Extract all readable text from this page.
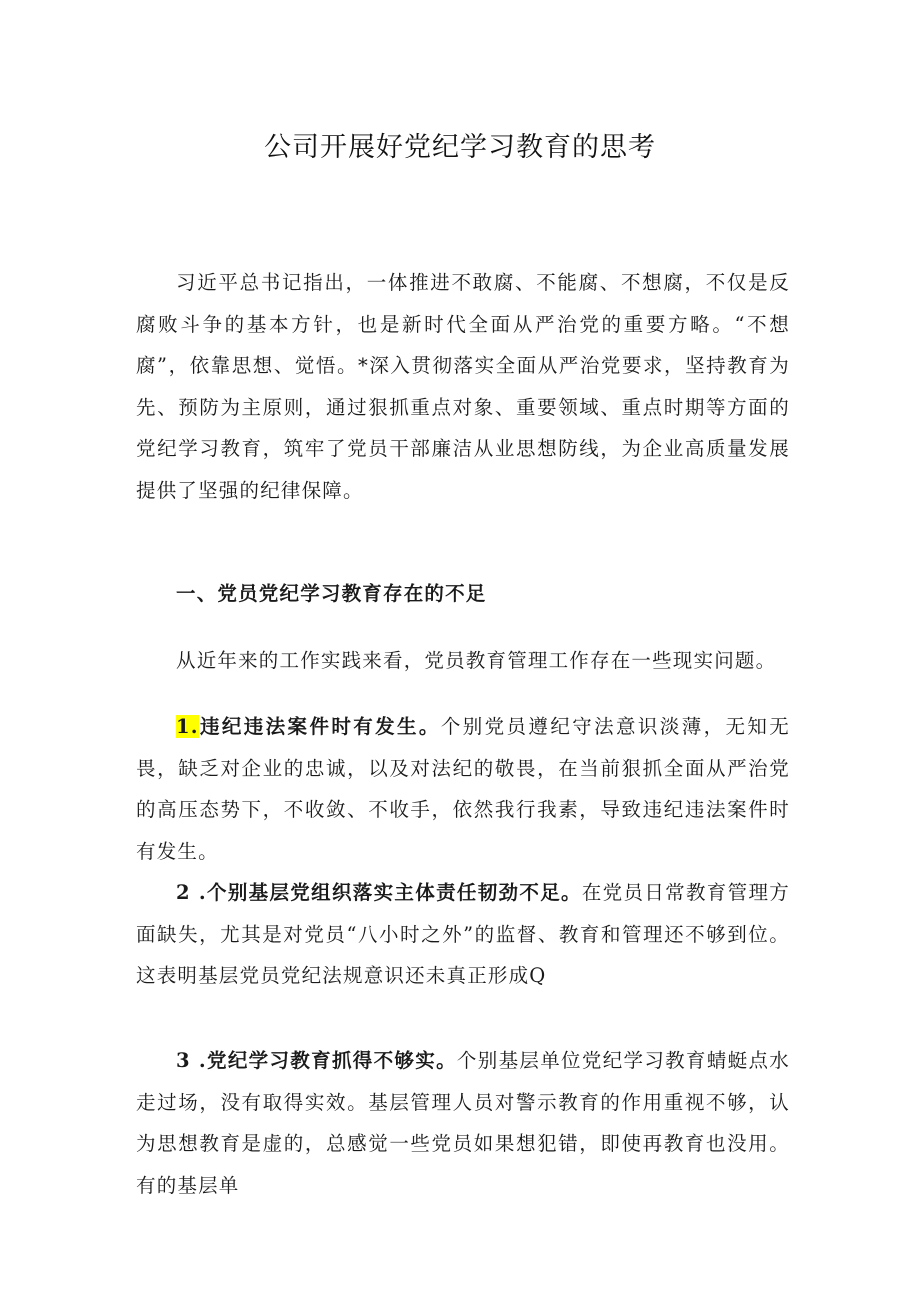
公司开展好党纪学习教育的思考

习近平总书记指出，一体推进不敢腐、不能腐、不想腐，不仅是反腐败斗争的基本方针，也是新时代全面从严治党的重要方略。“不想腐”，依靠思想、觉悟。*深入贯彻落实全面从严治党要求，坚持教育为先、预防为主原则，通过狠抓重点对象、重要领域、重点时期等方面的党纪学习教育，筑牢了党员干部廉洁从业思想防线，为企业高质量发展提供了坚强的纪律保障。

一、党员党纪学习教育存在的不足

从近年来的工作实践来看，党员教育管理工作存在一些现实问题。

1.违纪违法案件时有发生。个别党员遵纪守法意识淡薄，无知无畏，缺乏对企业的忠诚，以及对法纪的敬畏，在当前狠抓全面从严治党的高压态势下，不收敛、不收手，依然我行我素，导致违纪违法案件时有发生。

2 .个别基层党组织落实主体责任韧劲不足。在党员日常教育管理方面缺失，尤其是对党员“八小时之外”的监督、教育和管理还不够到位。这表明基层党员党纪法规意识还未真正形成Q

3 .党纪学习教育抓得不够实。个别基层单位党纪学习教育蜻蜓点水走过场，没有取得实效。基层管理人员对警示教育的作用重视不够，认为思想教育是虚的，总感觉一些党员如果想犯错，即使再教育也没用。有的基层单
